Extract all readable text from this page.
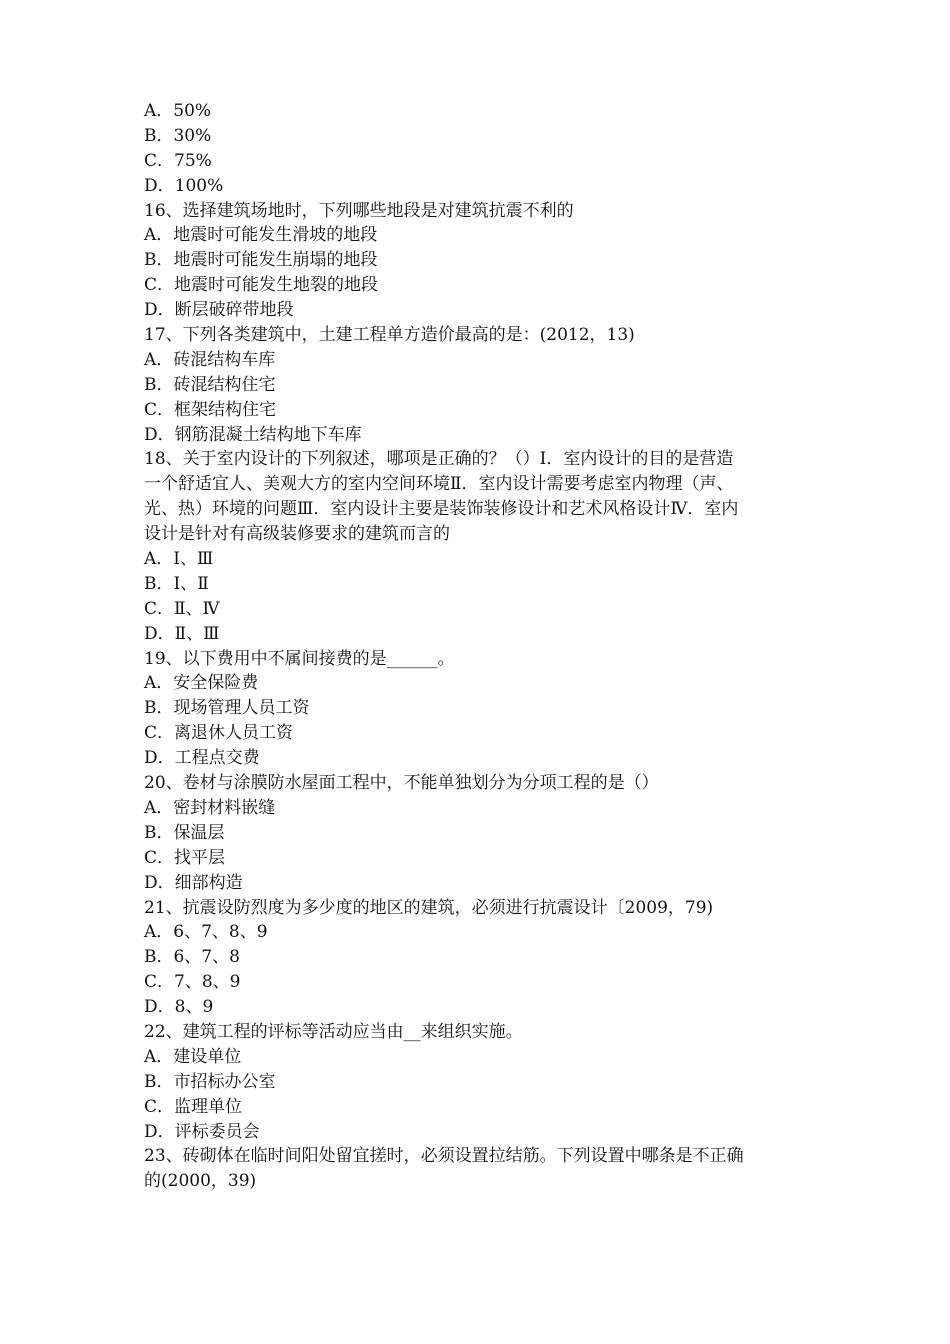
A．50%
B．30%
C．75%
D．100%
16、选择建筑场地时，下列哪些地段是对建筑抗震不利的
A．地震时可能发生滑坡的地段
B．地震时可能发生崩塌的地段
C．地震时可能发生地裂的地段
D．断层破碎带地段
17、下列各类建筑中，土建工程单方造价最高的是：(2012，13)
A．砖混结构车库
B．砖混结构住宅
C．框架结构住宅
D．钢筋混凝土结构地下车库
18、关于室内设计的下列叙述，哪项是正确的？（）Ⅰ．室内设计的目的是营造
一个舒适宜人、美观大方的室内空间环境Ⅱ．室内设计需要考虑室内物理（声、
光、热）环境的问题Ⅲ．室内设计主要是装饰装修设计和艺术风格设计Ⅳ．室内
设计是针对有高级装修要求的建筑而言的
A．Ⅰ、Ⅲ
B．Ⅰ、Ⅱ
C．Ⅱ、Ⅳ
D．Ⅱ、Ⅲ
19、以下费用中不属间接费的是______。
A．安全保险费
B．现场管理人员工资
C．离退休人员工资
D．工程点交费
20、卷材与涂膜防水屋面工程中，不能单独划分为分项工程的是（）
A．密封材料嵌缝
B．保温层
C．找平层
D．细部构造
21、抗震设防烈度为多少度的地区的建筑，必须进行抗震设计〔2009，79)
A．6、7、8、9
B．6、7、8
C．7、8、9
D．8、9
22、建筑工程的评标等活动应当由__来组织实施。
A．建设单位
B．市招标办公室
C．监理单位
D．评标委员会
23、砖砌体在临时间阳处留宜搓时，必须设置拉结筋。下列设置中哪条是不正确
的(2000，39)
